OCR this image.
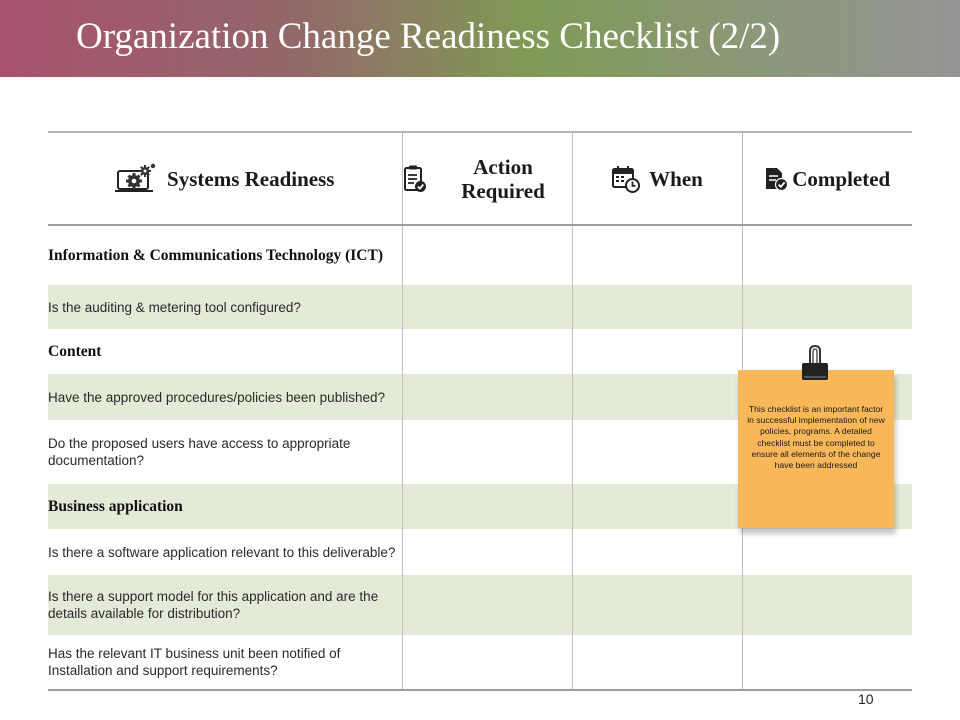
Organization Change Readiness Checklist (2/2)
Systems Readiness	Action Required	When	Completed

Information & Communications Technology (ICT)			
Is the auditing & metering tool configured?			
Content			
Have the approved procedures/policies been published?			
Do the proposed users have access to appropriate documentation?			
Business application			
Is there a software application relevant to this deliverable?			
Is there a support model for this application and are the details available for distribution?			
Has the relevant IT business unit been notified of Installation and support requirements?			
This checklist is an important factor in successful implementation of new policies, programs. A detailed checklist must be completed to ensure all elements of the change have been addressed
10
